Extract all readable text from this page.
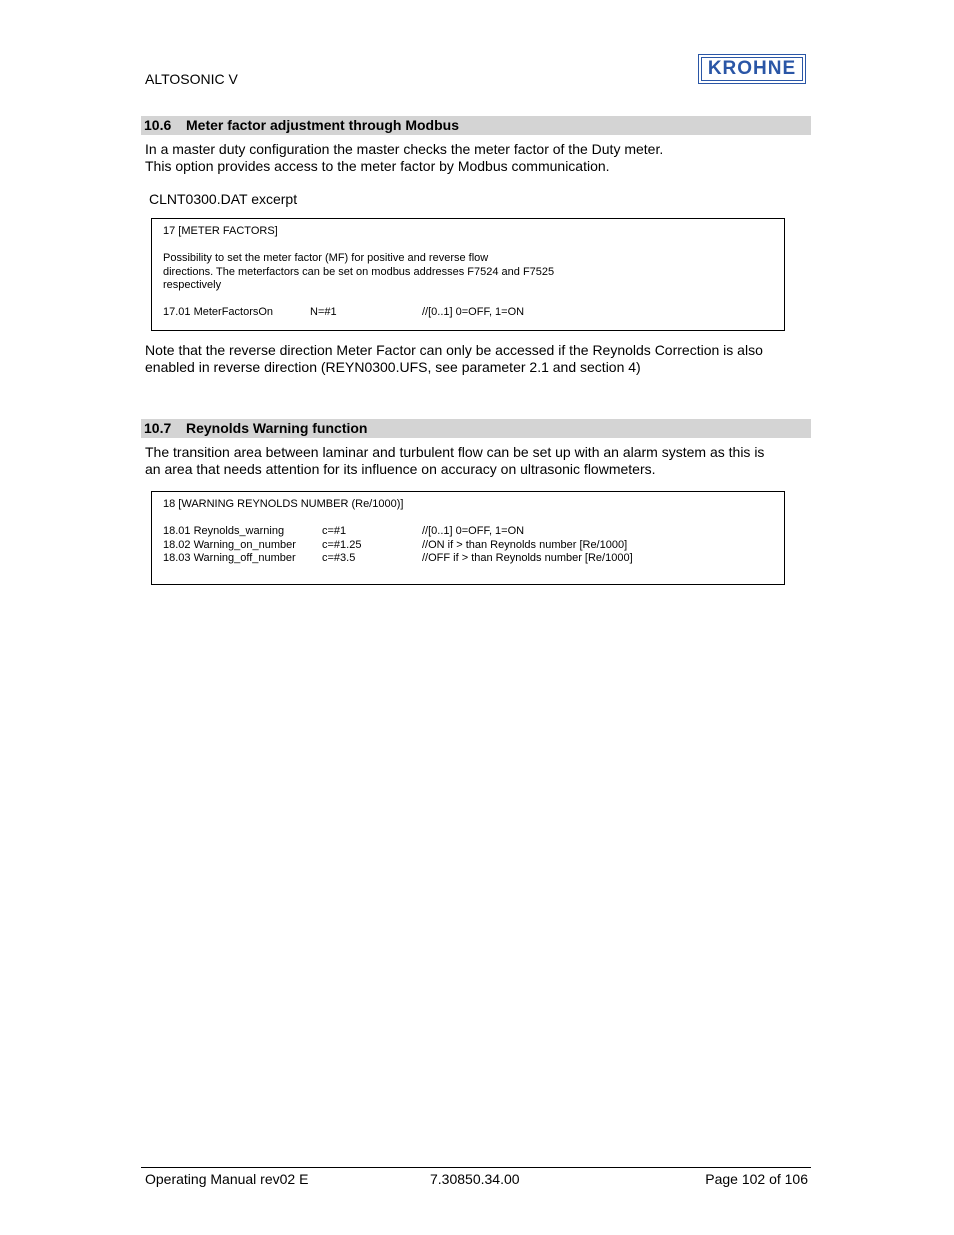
ALTOSONIC V	KROHNE
10.6 Meter factor adjustment through Modbus
In a master duty configuration the master checks the meter factor of the Duty meter.
This option provides access to the meter factor by Modbus communication.
CLNT0300.DAT excerpt
17 [METER FACTORS]
Possibility to set the meter factor (MF) for positive and reverse flow
directions. The meterfactors can be set on modbus addresses F7524 and F7525
respectively
17.01 MeterFactorsOn	N=#1	//[0..1] 0=OFF, 1=ON
Note that the reverse direction Meter Factor can only be accessed if the Reynolds Correction is also
enabled in reverse direction (REYN0300.UFS, see parameter 2.1 and section 4)
10.7 Reynolds Warning function
The transition area between laminar and turbulent flow can be set up with an alarm system as this is
an area that needs attention for its influence on accuracy on ultrasonic flowmeters.
18 [WARNING REYNOLDS NUMBER (Re/1000)]
18.01 Reynolds_warning	c=#1	//[0..1] 0=OFF, 1=ON
18.02 Warning_on_number c=#1.25	//ON if > than Reynolds number [Re/1000]
18.03 Warning_off_number c=#3.5	//OFF if > than Reynolds number [Re/1000]
Operating Manual rev02 E	7.30850.34.00	Page 102 of 106
